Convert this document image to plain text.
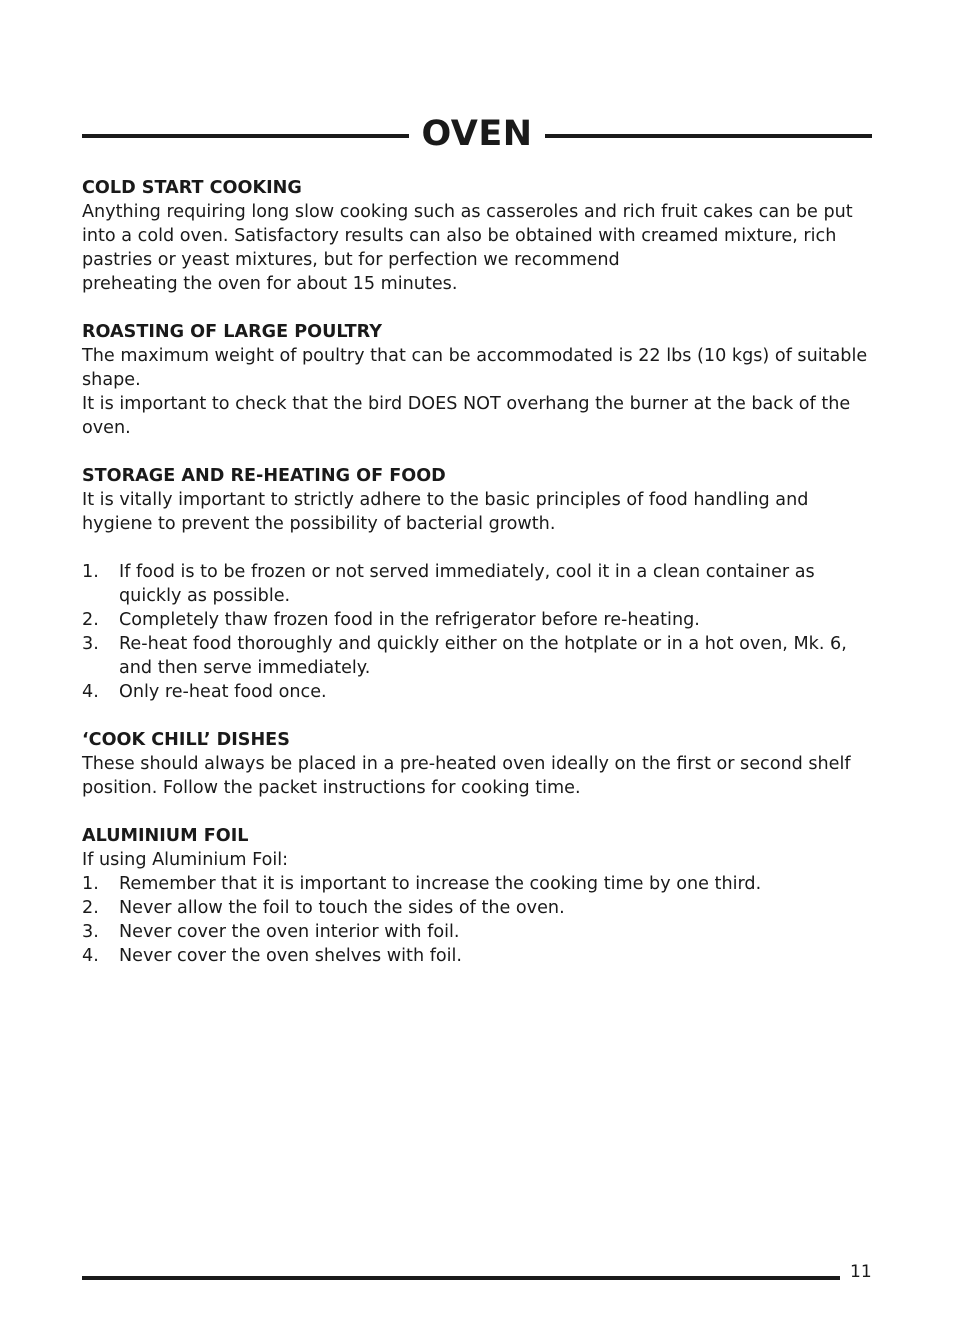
OVEN

COLD START COOKING

Anything requiring long slow cooking such as casseroles and rich fruit cakes can be put into a cold oven. Satisfactory results can also be obtained with creamed mixture, rich pastries or yeast mixtures, but for perfection we recommend

preheating the oven for about 15 minutes.

ROASTING OF LARGE POULTRY

The maximum weight of poultry that can be accommodated is 22 lbs (10 kgs) of suitable shape.

It is important to check that the bird DOES NOT overhang the burner at the back of the oven.

STORAGE AND RE-HEATING OF FOOD

It is vitally important to strictly adhere to the basic principles of food handling and hygiene to prevent the possibility of bacterial growth.

1.	If food is to be frozen or not served immediately, cool it in a clean container as quickly as possible.
2.	Completely thaw frozen food in the refrigerator before re-heating.
3.	Re-heat food thoroughly and quickly either on the hotplate or in a hot oven, Mk. 6, and then serve immediately.
4.	Only re-heat food once.

‘COOK CHILL’ DISHES

These should always be placed in a pre-heated oven ideally on the first or second shelf position. Follow the packet instructions for cooking time.

ALUMINIUM FOIL

If using Aluminium Foil:

1.	Remember that it is important to increase the cooking time by one third.
2.	Never allow the foil to touch the sides of the oven.
3.	Never cover the oven interior with foil.
4.	Never cover the oven shelves with foil.
11
